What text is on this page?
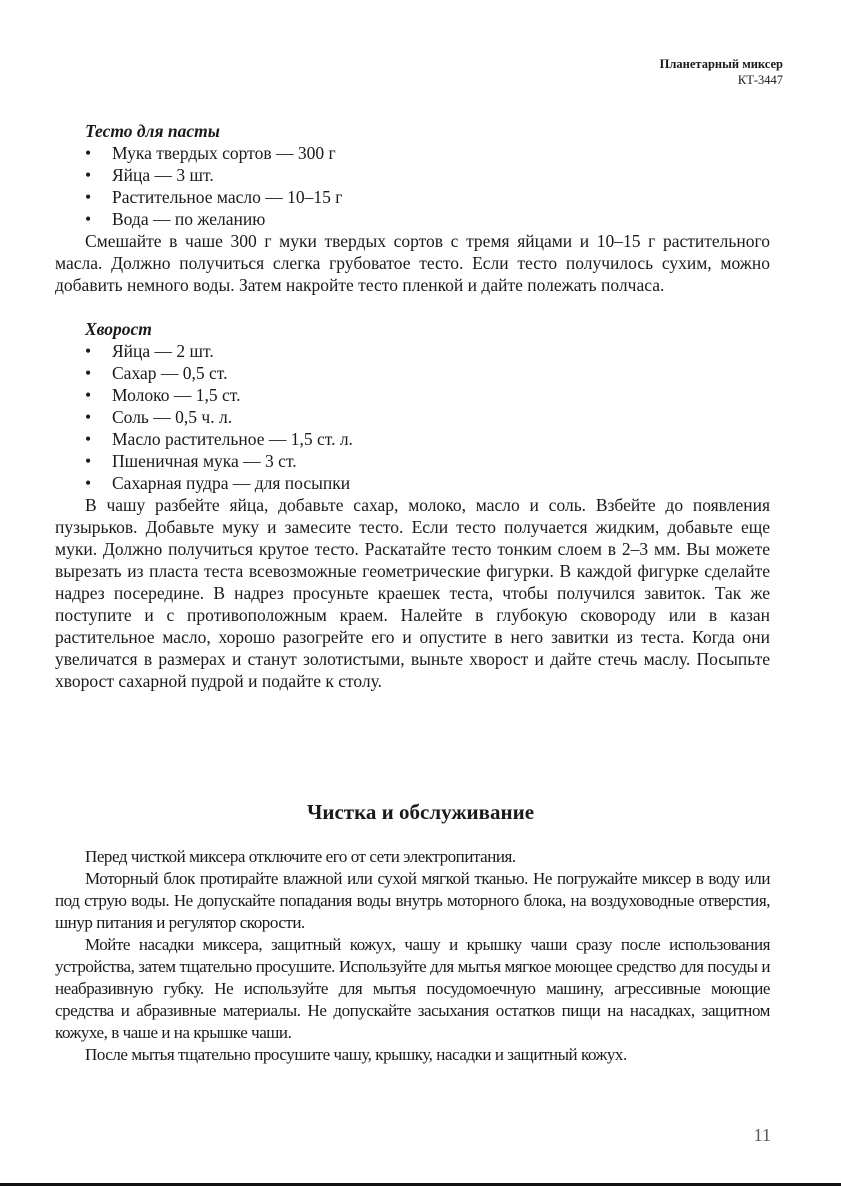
Планетарный миксер
КТ-3447
Тесто для пасты
• Мука твердых сортов — 300 г
• Яйца — 3 шт.
• Растительное масло — 10–15 г
• Вода — по желанию

Смешайте в чаше 300 г муки твердых сортов с тремя яйцами и 10–15 г растительного масла. Должно получиться слегка грубоватое тесто. Если тесто получилось сухим, можно добавить немного воды. Затем накройте тесто пленкой и дайте полежать полчаса.

Хворост
• Яйца — 2 шт.
• Сахар — 0,5 ст.
• Молоко — 1,5 ст.
• Соль — 0,5 ч. л.
• Масло растительное — 1,5 ст. л.
• Пшеничная мука — 3 ст.
• Сахарная пудра — для посыпки

В чашу разбейте яйца, добавьте сахар, молоко, масло и соль. Взбейте до появления пузырьков. Добавьте муку и замесите тесто. Если тесто получается жидким, добавьте еще муки. Должно получиться крутое тесто. Раскатайте тесто тонким слоем в 2–3 мм. Вы можете вырезать из пласта теста всевозможные геометрические фигурки. В каждой фигурке сделайте надрез посередине. В надрез просуньте краешек теста, чтобы получился завиток. Так же поступите и с противоположным краем. Налейте в глубокую сковороду или в казан растительное масло, хорошо разогрейте его и опустите в него завитки из теста. Когда они увеличатся в размерах и станут золотистыми, выньте хворост и дайте стечь маслу. Посыпьте хворост сахарной пудрой и подайте к столу.

Чистка и обслуживание

Перед чисткой миксера отключите его от сети электропитания.

Моторный блок протирайте влажной или сухой мягкой тканью. Не погружайте миксер в воду или под струю воды. Не допускайте попадания воды внутрь моторного блока, на воздуховодные отверстия, шнур питания и регулятор скорости.

Мойте насадки миксера, защитный кожух, чашу и крышку чаши сразу после использования устройства, затем тщательно просушите. Используйте для мытья мягкое моющее средство для посуды и неабразивную губку. Не используйте для мытья посудомоечную машину, агрессивные моющие средства и абразивные материалы. Не допускайте засыхания остатков пищи на насадках, защитном кожухе, в чаше и на крышке чаши.

После мытья тщательно просушите чашу, крышку, насадки и защитный кожух.

11
